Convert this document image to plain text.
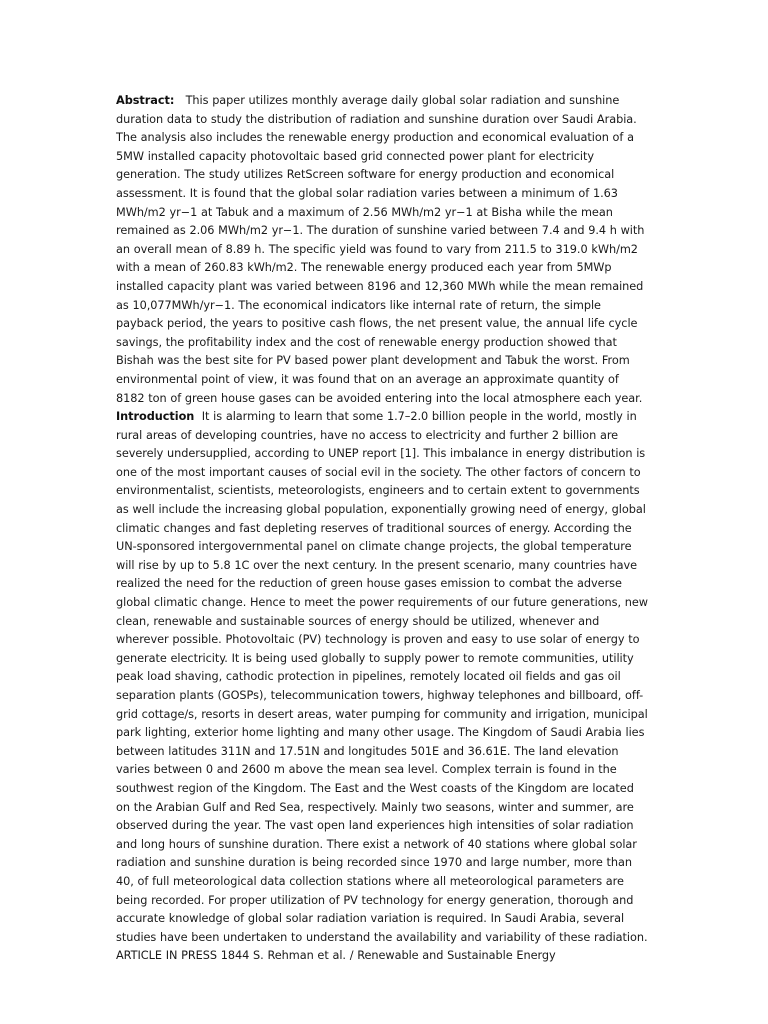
Abstract: This paper utilizes monthly average daily global solar radiation and sunshine duration data to study the distribution of radiation and sunshine duration over Saudi Arabia. The analysis also includes the renewable energy production and economical evaluation of a 5MW installed capacity photovoltaic based grid connected power plant for electricity generation. The study utilizes RetScreen software for energy production and economical assessment. It is found that the global solar radiation varies between a minimum of 1.63 MWh/m2 yr−1 at Tabuk and a maximum of 2.56 MWh/m2 yr−1 at Bisha while the mean remained as 2.06 MWh/m2 yr−1. The duration of sunshine varied between 7.4 and 9.4 h with an overall mean of 8.89 h. The specific yield was found to vary from 211.5 to 319.0 kWh/m2 with a mean of 260.83 kWh/m2. The renewable energy produced each year from 5MWp installed capacity plant was varied between 8196 and 12,360 MWh while the mean remained as 10,077MWh/yr−1. The economical indicators like internal rate of return, the simple payback period, the years to positive cash flows, the net present value, the annual life cycle savings, the profitability index and the cost of renewable energy production showed that Bishah was the best site for PV based power plant development and Tabuk the worst. From environmental point of view, it was found that on an average an approximate quantity of 8182 ton of green house gases can be avoided entering into the local atmosphere each year.   Introduction It is alarming to learn that some 1.7–2.0 billion people in the world, mostly in rural areas of developing countries, have no access to electricity and further 2 billion are severely undersupplied, according to UNEP report [1]. This imbalance in energy distribution is one of the most important causes of social evil in the society. The other factors of concern to environmentalist, scientists, meteorologists, engineers and to certain extent to governments as well include the increasing global population, exponentially growing need of energy, global climatic changes and fast depleting reserves of traditional sources of energy. According the UN-sponsored intergovernmental panel on climate change projects, the global temperature will rise by up to 5.8 1C over the next century. In the present scenario, many countries have realized the need for the reduction of green house gases emission to combat the adverse global climatic change. Hence to meet the power requirements of our future generations, new clean, renewable and sustainable sources of energy should be utilized, whenever and wherever possible. Photovoltaic (PV) technology is proven and easy to use solar of energy to generate electricity. It is being used globally to supply power to remote communities, utility peak load shaving, cathodic protection in pipelines, remotely located oil fields and gas oil separation plants (GOSPs), telecommunication towers, highway telephones and billboard, off-grid cottage/s, resorts in desert areas, water pumping for community and irrigation, municipal park lighting, exterior home lighting and many other usage. The Kingdom of Saudi Arabia lies between latitudes 311N and 17.51N and longitudes 501E and 36.61E. The land elevation varies between 0 and 2600 m above the mean sea level. Complex terrain is found in the southwest region of the Kingdom. The East and the West coasts of the Kingdom are located on the Arabian Gulf and Red Sea, respectively. Mainly two seasons, winter and summer, are observed during the year. The vast open land experiences high intensities of solar radiation and long hours of sunshine duration. There exist a network of 40 stations where global solar radiation and sunshine duration is being recorded since 1970 and large number, more than 40, of full meteorological data collection stations where all meteorological parameters are being recorded. For proper utilization of PV technology for energy generation, thorough and accurate knowledge of global solar radiation variation is required. In Saudi Arabia, several studies have been undertaken to understand the availability and variability of these radiation. ARTICLE IN PRESS 1844 S. Rehman et al. / Renewable and Sustainable Energy
